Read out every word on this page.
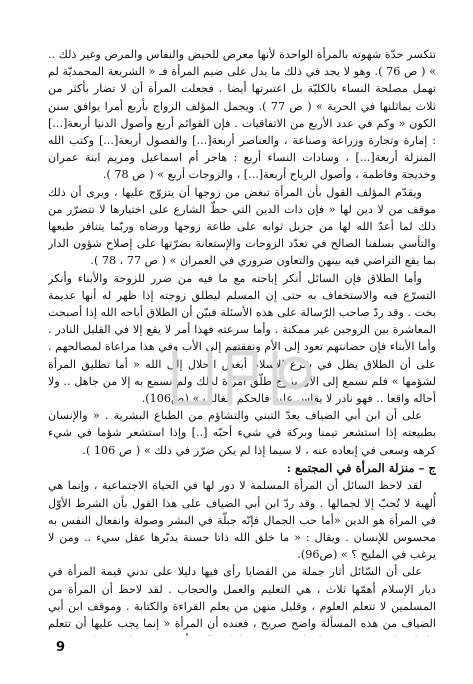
تتكسر حدّة شهوته بالمرأة الواحدة لأنها معرض للحيض والنفاس والمرض وغير ذلك .. » ( ص 76 ). وهو لا يجد في ذلك ما يدل على ضيم المرأة فـ « الشريعة المحمديّة لم تهمل مصلحة النساء بالكليّة بل اعتبرتها أيضا . فجعلت المرأة أن لا تضار بأكثر من ثلاث يماثلنها في الحرية » ( ص 77 ). ويجمل المؤلف الزواج بأربع أمرا يوافق سنن الكون « وكم في عدد الأربع من الاتفاقيات . فإن القوائم أربع وأصول الدنيا أربعة[...] : إمارة وتجارة وزراعة وصناعة ، والعناصر أربعة[...] والفصول أربعة[...] وكتب الله المنزلة أربعة[...] ، وسادات النساء أربع : هاجر أم اسماعيل ومريم ابنة عمران وخديجة وفاطمة ، وأصول الرياح أربعة[...] ، والزوجات أربع » ( ص 78 ).

ويقدّم المؤلف القول بأن المرأة تبغض من زوجها أن يتزوّج عليها ، ويرى أن ذلك موقف من لا دين لها « فإن ذات الدين التي حظّ الشارع على اختيارها لا تتضرّر من ذلك لما أعدّ الله لها من جزيل ثوابه على طاعة زوجها ورضاه وربّما يتنافر طبعها والتأسي بسلفنا الصالح في تعدّد الزوجات والإستعانة بضرّتها على إصلاح شؤون الدار بما يقع التراضي فيه بينهن والتعاون ضروري في العمران » ( ص 77 ، 78 ).

وأما الطلاق فإن السائل أنكر إباحته مع ما فيه من ضرر للزوجة والأبناء وأنكر التسرّع فيه والاستخفاف به حتى إن المسلم ليطلق زوجته إذا ظهر له أنها عديمة بخت . وقد ردّ صاحب الرّسالة على هذه الأسئلة فبيّن أن الطلاق أباحه الله إذا أصبحت المعاشرة بين الزوجين غير ممكنة . وأما سرعته فهذا أمر لا يقع إلا في القليل النادر . وأما الأبناء فإن حضانتهم تعود إلى الأم ونفقتهم إلى الأب وفي هذا مراعاة لمصالحهم . على أن الطلاق يظل في شرع الإسلام أبغض الحلال إلى الله « أما تطليق المرأة لشؤمها » فلم نسمع إلى الآن بزوج طلّق امرأة لذلك ولم نسمع به إلا من جاهل .. ولا أحاله واقعا .. فهو نادر لا يقاس عليه فالحكم للغالب » (ص106).

على أن ابن أبي الضياف يعدّ التبني والتشاؤم من الطباع البشرية . « والإنسان بطبيعته إذا استشعر تيمنا وبركة في شيء أحبّه [..] وإذا استشعر شؤما في شيء كرهه وسعى في إبعاده عنه ، لا سيما إذا لم يكن ضرّر في ذلك » ( ص 106 ).

ج – منزلة المرأة في المجتمع :

لقد لاحظ السائل أن المرأة المسلمة لا دور لها في الحياة الاجتماعية ، وإنما هي أُلهية لا تُحبّ إلا لجمالها . وقد ردّ ابن أبي الضياف على هذا القول بأن الشرط الأوّل في المرأة هو الدين «أما حب الجمال فإنّه جبلّة في البشر وصولة وانفعال النفس به محسوس للإنسان . ويقال : « ما خلق الله ذاتا حسنة يدبّرها عقل سيء .. ومن لا يرغب في المليح ؟ » (ص96).

على أن السّائل أثار جملة من القضايا رأى فيها دليلا على تدني قيمة المرأة في ديار الإسلام أهمّها ثلاث ، هي التعليم والعمل والحجاب . لقد لاحظ أن المرأة من المسلمين لا تتعلم العلوم ، وقليل منهن من يعلم القراءة والكتابة . وموقف ابن أبي الضياف من هذه المسألة واضح صريح ، فعنده أن المرأة « إنما يجب عليها أن تتعلم

9
